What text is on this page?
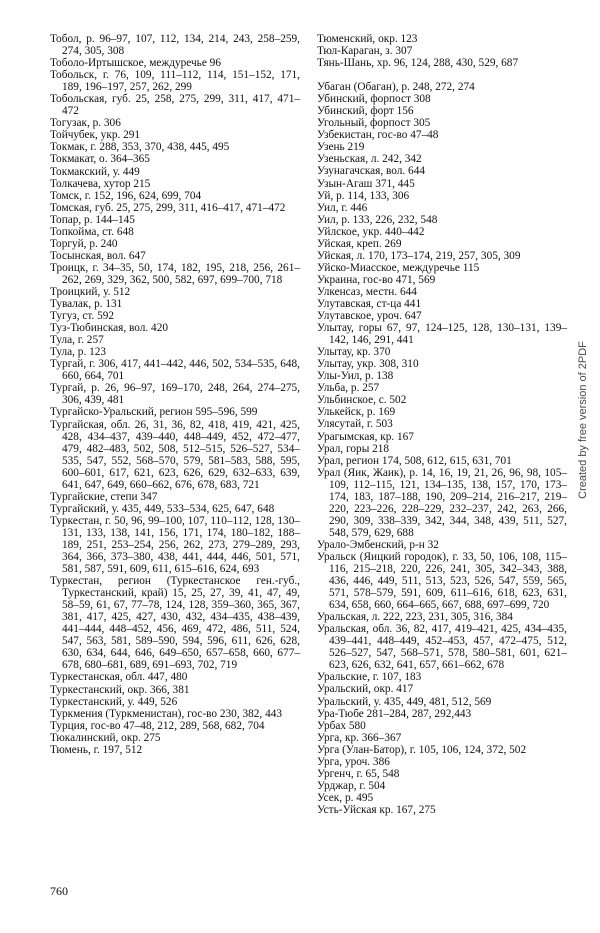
Тобол, р. 96–97, 107, 112, 134, 214, 243, 258–259, 274, 305, 308

Тоболо-Иртышское, междуречье 96

Тобольск, г. 76, 109, 111–112, 114, 151–152, 171, 189, 196–197, 257, 262, 299

Тобольская, губ. 25, 258, 275, 299, 311, 417, 471–472

Тогузак, р. 306

Тойчубек, укр. 291

Токмак, г. 288, 353, 370, 438, 445, 495

Токмакат, о. 364–365

Токмакский, у. 449

Толкачева, хутор 215

Томск, г. 152, 196, 624, 699, 704

Томская, губ. 25, 275, 299, 311, 416–417, 471–472

Топар, р. 144–145

Топкойма, ст. 648

Торгуй, р. 240

Тосынская, вол. 647

Троицк, г. 34–35, 50, 174, 182, 195, 218, 256, 261–262, 269, 329, 362, 500, 582, 697, 699–700, 718

Троицкий, у. 512

Тувалак, р. 131

Тугуз, ст. 592

Туз-Тюбинская, вол. 420

Тула, г. 257

Тула, р. 123

Тургай, г. 306, 417, 441–442, 446, 502, 534–535, 648, 660, 664, 701

Тургай, р. 26, 96–97, 169–170, 248, 264, 274–275, 306, 439, 481

Тургайско-Уральский, регион 595–596, 599

Тургайская, обл. 26, 31, 36, 82, 418, 419, 421, 425, 428, 434–437, 439–440, 448–449, 452, 472–477, 479, 482–483, 502, 508, 512–515, 526–527, 534–535, 547, 552, 568–570, 579, 581–583, 588, 595, 600–601, 617, 621, 623, 626, 629, 632–633, 639, 641, 647, 649, 660–662, 676, 678, 683, 721

Тургайские, степи 347

Тургайский, у. 435, 449, 533–534, 625, 647, 648

Туркестан, г. 50, 96, 99–100, 107, 110–112, 128, 130–131, 133, 138, 141, 156, 171, 174, 180–182, 188–189, 251, 253–254, 256, 262, 273, 279–289, 293, 364, 366, 373–380, 438, 441, 444, 446, 501, 571, 581, 587, 591, 609, 611, 615–616, 624, 693

Туркестан, регион (Туркестанское ген.-губ., Туркестанский, край) 15, 25, 27, 39, 41, 47, 49, 58–59, 61, 67, 77–78, 124, 128, 359–360, 365, 367, 381, 417, 425, 427, 430, 432, 434–435, 438–439, 441–444, 448–452, 456, 469, 472, 486, 511, 524, 547, 563, 581, 589–590, 594, 596, 611, 626, 628, 630, 634, 644, 646, 649–650, 657–658, 660, 677–678, 680–681, 689, 691–693, 702, 719

Туркестанская, обл. 447, 480

Туркестанский, окр. 366, 381

Туркестанский, у. 449, 526

Туркмения (Туркменистан), гос-во 230, 382, 443

Турция, гос-во 47–48, 212, 289, 568, 682, 704

Тюкалинский, окр. 275

Тюмень, г. 197, 512

Тюменский, окр. 123

Тюл-Караган, з. 307

Тянь-Шань, хр. 96, 124, 288, 430, 529, 687

Убаган (Обаган), р. 248, 272, 274

Убинский, форпост 308

Убинский, форт 156

Угольный, форпост 305

Узбекистан, гос-во 47–48

Узень 219

Узеньская, л. 242, 342

Узунагачская, вол. 644

Узын-Агаш 371, 445

Уй, р. 114, 133, 306

Уил, г. 446

Уил, р. 133, 226, 232, 548

Уйлское, укр. 440–442

Уйская, креп. 269

Уйская, л. 170, 173–174, 219, 257, 305, 309

Уйско-Миасское, междуречье 115

Украина, гос-во 471, 569

Улкенсаз, местн. 644

Улутавская, ст-ца 441

Улутавское, уроч. 647

Улытау, горы 67, 97, 124–125, 128, 130–131, 139–142, 146, 291, 441

Улытау, кр. 370

Улытау, укр. 308, 310

Улы-Уил, р. 138

Ульба, р. 257

Ульбинское, с. 502

Улькейск, р. 169

Улясутай, г. 503

Урагымская, кр. 167

Урал, горы 218

Урал, регион 174, 508, 612, 615, 631, 701

Урал (Яик, Жаик), р. 14, 16, 19, 21, 26, 96, 98, 105–109, 112–115, 121, 134–135, 138, 157, 170, 173–174, 183, 187–188, 190, 209–214, 216–217, 219–220, 223–226, 228–229, 232–237, 242, 263, 266, 290, 309, 338–339, 342, 344, 348, 439, 511, 527, 548, 579, 629, 688

Урало-Эмбенский, р-н 32

Уральск (Яицкий городок), г. 33, 50, 106, 108, 115–116, 215–218, 220, 226, 241, 305, 342–343, 388, 436, 446, 449, 511, 513, 523, 526, 547, 559, 565, 571, 578–579, 591, 609, 611–616, 618, 623, 631, 634, 658, 660, 664–665, 667, 688, 697–699, 720

Уральская, л. 222, 223, 231, 305, 316, 384

Уральская, обл. 36, 82, 417, 419–421, 425, 434–435, 439–441, 448–449, 452–453, 457, 472–475, 512, 526–527, 547, 568–571, 578, 580–581, 601, 621–623, 626, 632, 641, 657, 661–662, 678

Уральские, г. 107, 183

Уральский, окр. 417

Уральский, у. 435, 449, 481, 512, 569

Ура-Тюбе 281–284, 287, 292,443

Урбах 580

Урга, кр. 366–367

Урга (Улан-Батор), г. 105, 106, 124, 372, 502

Урга, уроч. 386

Ургенч, г. 65, 548

Урджар, г. 504

Усек, р. 495

Усть-Уйская кр. 167, 275

760
Created by free version of 2PDF
